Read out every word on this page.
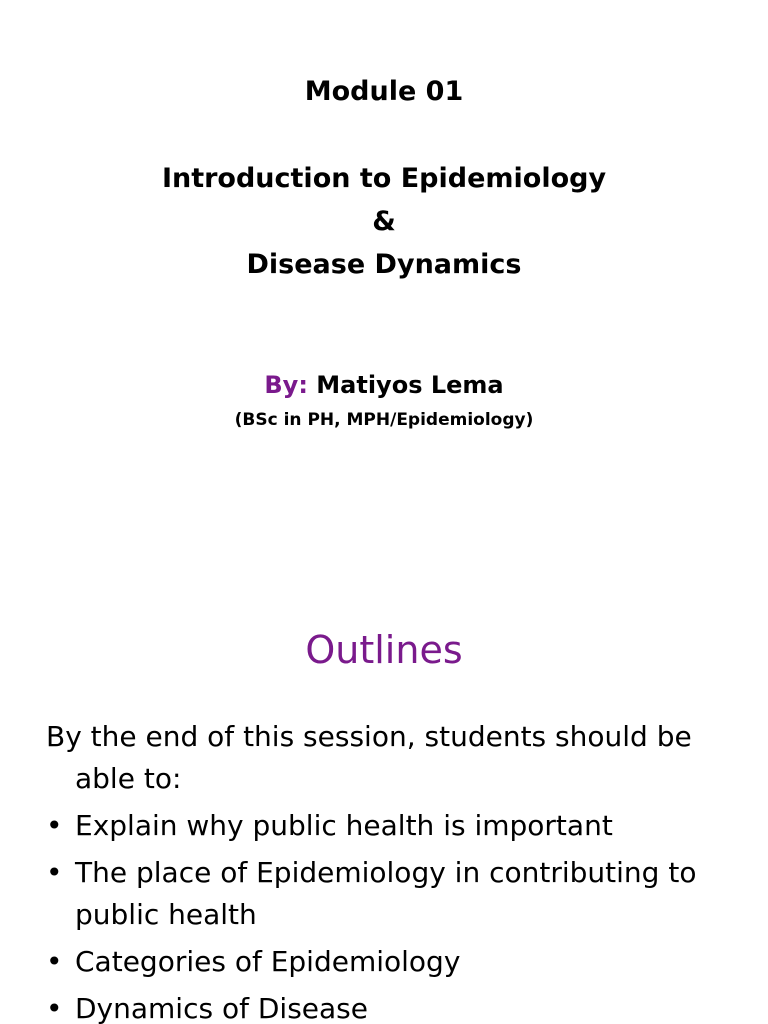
Module 01
Introduction to Epidemiology
&
Disease Dynamics
By: Matiyos Lema
(BSc in PH, MPH/Epidemiology)
Outlines
By the end of this session, students should be able to:
• Explain why public health is important
• The place of Epidemiology in contributing to public health
• Categories of Epidemiology
• Dynamics of Disease
